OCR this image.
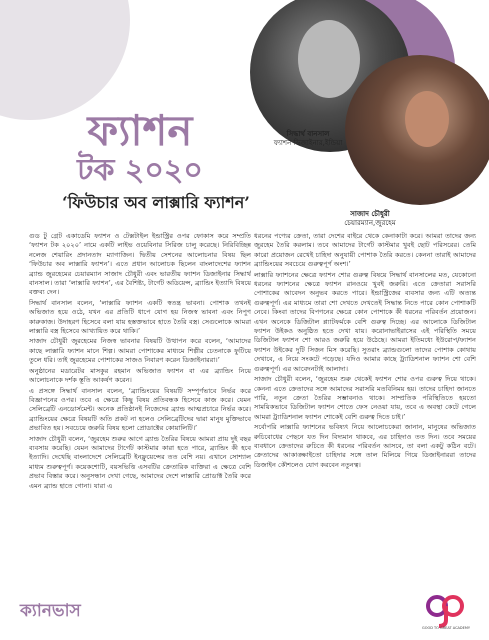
সিদ্ধার্থ বানসাল
ফ্যাশন ডিজাইনার,ইন্ডিয়া
সাজাদ চৌধুরী
চেয়ারম্যান,জুরহেম
ফ্যাশন
টক ২০২০
‘ফিউচার অব লাক্সারি ফ্যাশন’

গুড টু গ্রেট একাডেমি ফ্যাশন ও টেক্সটাইল ইন্ডাস্ট্রির ওপর ফোকাস করে সম্প্রতি ‘ফ্যাশন টক ২০২০’ নামে একটি লাইভ ওয়েবিনার সিরিজ চালু করেছে। নিরিবিচ্ছিন্ন নলেজ শেয়ারিং প্রদানতাদ ম্যাগাজিন। দ্বিতীয় সেশনের আলোচনার বিষয় ছিল ‘ফিউচার অব লাক্সারি ফ্যাশন’। এতে প্রধান আলোচক ছিলেন বাংলাদেশের ফ্যাশন ব্র্যান্ড জুরহেমের চেয়ারম্যান সাজাদ চৌধুরী এবং ভারতীয় ফ্যাশন ডিজাইনার সিদ্ধার্থ বানসাল। তারা ‘লাক্সারি ফ্যাশন’, এর বৈশিষ্ট্য, টার্গেট অডিয়েন্স, ব্র্যান্ডিং ইত্যাদি বিষয়ে বক্তব্য দেন।

সিদ্ধার্থ বানসাল বলেন, ‘লাক্সারি ফ্যাশন একটি স্বতন্ত্র ভাবনা। পোশাক তখনই অভিজাত হয়ে ওঠে, যখন এর প্রতিটি ধাপে যোগ হয় নিজস্ব ভাবনা এবং নিপুণ কারুকাজ। উদাহরণ হিসেবে বলা যায় হস্তক্তভাবে হাতে তৈরি বস্ত্র। সেগুলোকে আমরা লাক্সারি বস্ত্র হিসেবে আখ্যায়িত করে থাকি।’

সাজাদ চৌধুরী জুরহেমের নিজস্ব ভাবনার বিষয়টি উত্থাপন করে বলেন, ‘আমাদের কাছে লাক্সারি ফ্যাশন মানে শিল্প। আমরা পোশাকের মাধ্যমে শিল্পীর চেতনাকে ফুটিয়ে তুলে ধরি। তাই জুরহেমের পোশাকের সাজও নিবারণ করেন ডিজাইনাররা।’

অনুষ্ঠানের মডারেটর মাসকুর রহমান অভিজাত ফ্যাশন বা এর ব্র্যান্ডিং নিয়ে আলোচনাকে দর্শক স্তূতি আকর্ষণ করেন।

এ প্রসঙ্গে সিদ্ধার্থ বানসাল বলেন, ‘ব্র্যান্ডিংয়ের বিষয়টি সম্পূর্ণভাবে নির্ভর করে বিজ্ঞাপনের ওপর। তবে এ ক্ষেত্রে কিছু বিষয় প্রতিবন্ধক হিসেবে কাজ করে। যেমন সেলিব্রেটি এনডোর্সমেন্ট। অনেক প্রতিষ্ঠানই নিজেদের ব্র্যান্ড আত্মপ্রচারে নির্ভর করে। ব্র্যান্ডিংয়ের ক্ষেত্রে বিষয়টি অতি প্রকট না হলেও সেলিব্রেটিদের দ্বারা মানুষ মুক্তিভাবে প্রভাবিত হয়। সবচেয়ে জরুরি বিষয় হলো প্রোডাক্টের কোয়ালিটি।’

সাজাদ চৌধুরী বলেন, ‘জুরহেম শুরুর আগে ব্র্যান্ড তৈরির বিষয়ে আমরা প্রায় দুই বছর ব্যবসায় করেছি। যেমন আমাদের টার্গেট কাস্টমার কারা হতে পারে, ব্র্যান্ডিং কী হবে ইত্যাদি। দেখেছি বাংলাদেশে সেলিব্রেটি ইনফ্লুয়েন্সের তত বেশি নয়। এখানে সোশ্যাল মাধ্যম শুরুত্বপূর্ণ। কয়েকশোটি, বয়সভিত্তি এসবটির ক্রেতারিক ব্যক্তিরা এ ক্ষেত্রে বেশি প্রভাব বিস্তার করে। অনুসন্ধান দেখা গেছে, আমাদের দেশে লাক্সারি প্রোডাক্ট তৈরি করে এমন ব্র্যান্ড হাতে গোনা। যারা এ

ধরনের পণ্যের ক্রেতা, তারা দেশের বাইরে থেকে কেনাকাটা করে। আমরা তাদের জন্য জুরহেম তৈরি করলাম। তবে আমাদের টার্গেট কাস্টমার খুবই ছোট পরিসরের। তেমি কারো প্রয়োজন রেখেই চাহিদা অনুযায়ী পোশাক তৈরি করতে। কেননা তারাই আমাদের ব্র্যান্ডিংয়ের সবচেয়ে গুরুত্বপূর্ণ অংশ।’

লাক্সারি ফ্যাশনের ক্ষেত্রে ফ্যাশন শোর গুরুত্ব বিষয়ে সিদ্ধার্থ বানসালের মত, যেকোনো ধরনের ফ্যাশনের ক্ষেত্রে ফ্যাশন রানওয়ে খুবই জরুরি। এতে ক্রেতারা সরাসরি পোশাকের আবেদন অনুভব করতে পারে। ইন্ডাস্ট্রিজের ব্যবসার জন্য এটি অত্যন্ত গুরুত্বপূর্ণ। এর মাধ্যমে তারা শো দেখতে দেখতেই সিদ্ধান্ত নিতে পারে কোন পোশাকটি নেবে। কিংবা তাদের বিপণনের ক্ষেত্রে কোন পোশাকে কী ধরনের পরিবর্তন প্রয়োজন। এখন অনেকে ডিজিটাল প্ল্যাটফর্মকে বেশি গুরুত্ব দিচ্ছে। এর আলোকে ডিজিটাল ফ্যাশন উইকও অনুষ্ঠিত হতে দেখা যায়। করোনাভাইরাসের এই পরিস্থিতি সময়ে ডিজিটাল ফ্যাশন শো আরও জরুরি হয়ে উঠেছে। আমরা ইতিমধ্যে ইউরোপ/ফ্যাশন ফ্যাশন উইকের দুটি সিজন মিস করেছি। সুতরাং ব্র্যান্ডগুলো তাদের পোশাক কোথায় দেখাবে, এ নিয়ে সংকটে পড়েছে। যদিও আমার কাছে ট্র্যাডিশনাল ফ্যাশন শো বেশি গুরুত্বপূর্ণ। এর আবেদনটাই আলাদা।

সাজাদ চৌধুরী বলেন, ‘জুরহেম শুরু থেকেই ফ্যাশন শোর ওপর গুরুত্ব দিয়ে থাকে। কেননা এতে ক্রেতাদের সঙ্গে আমাদের সরাসরি মতবিনিময় হয়। তাদের চাহিদা জানতে পারি, নতুন ক্রেতা তৈরির সম্ভাবনাও থাকে। সাম্প্রতিক পরিস্থিতিতে হয়তো সাময়িকভাবে ডিজিটাল ফ্যাশন শোতে ফেস নেওয়া যায়, তবে এ অবস্থা কেটে গেলে আমরা ট্র্যাডিশনাল ফ্যাশন শোকেই বেশি গুরুত্ব দিতে চাই।’

সর্বোপরি লাক্সারি ফ্যাশনের ভবিষ্যৎ নিয়ে আলোচকেরা জানান, মানুষের অভিজাত রুচিবোধের পেছনে যত দিন বিদ্যমান থাকবে, এর চাহিদাও তত দিন। তবে সময়ের ব্যবধানে ক্রেতাদের রুচিতে কী ধরনের পরিবর্তন আসবে, তা বলা একটু কঠিন বটে। ক্রেতাদের আকাঙ্ক্ষাইতো চাহিদার সঙ্গে তাল মিলিয়ে গিয়ে ডিজাইনাররা তাদের ডিজাইন কৌশলেও যোগ করবেন নতুনত্ব।

ক্যানভাস
GOOD TO GREAT ACADEMY
